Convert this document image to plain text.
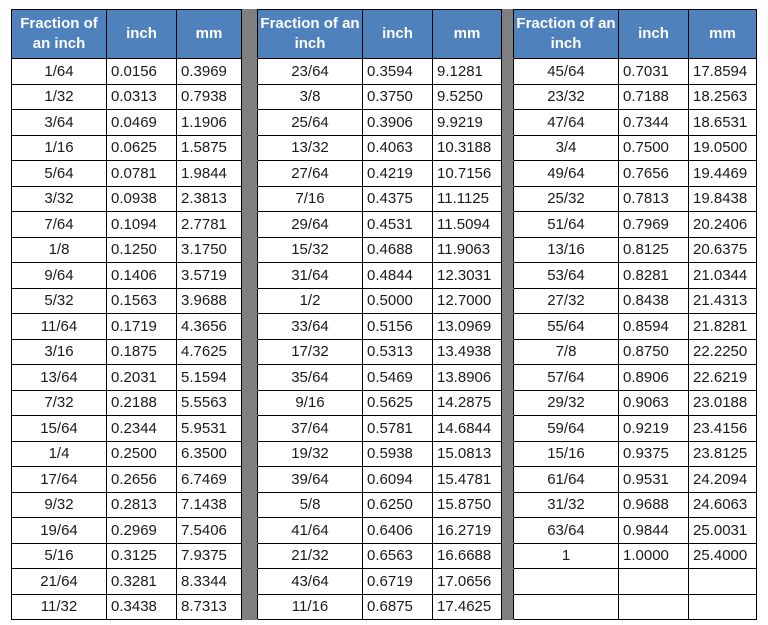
Fraction of an inch	inch	mm		Fraction of an inch	inch	mm		Fraction of an inch	inch	mm
1/64	0.0156	0.3969		23/64	0.3594	9.1281		45/64	0.7031	17.8594
1/32	0.0313	0.7938		3/8	0.3750	9.5250		23/32	0.7188	18.2563
3/64	0.0469	1.1906		25/64	0.3906	9.9219		47/64	0.7344	18.6531
1/16	0.0625	1.5875		13/32	0.4063	10.3188		3/4	0.7500	19.0500
5/64	0.0781	1.9844		27/64	0.4219	10.7156		49/64	0.7656	19.4469
3/32	0.0938	2.3813		7/16	0.4375	11.1125		25/32	0.7813	19.8438
7/64	0.1094	2.7781		29/64	0.4531	11.5094		51/64	0.7969	20.2406
1/8	0.1250	3.1750		15/32	0.4688	11.9063		13/16	0.8125	20.6375
9/64	0.1406	3.5719		31/64	0.4844	12.3031		53/64	0.8281	21.0344
5/32	0.1563	3.9688		1/2	0.5000	12.7000		27/32	0.8438	21.4313
11/64	0.1719	4.3656		33/64	0.5156	13.0969		55/64	0.8594	21.8281
3/16	0.1875	4.7625		17/32	0.5313	13.4938		7/8	0.8750	22.2250
13/64	0.2031	5.1594		35/64	0.5469	13.8906		57/64	0.8906	22.6219
7/32	0.2188	5.5563		9/16	0.5625	14.2875		29/32	0.9063	23.0188
15/64	0.2344	5.9531		37/64	0.5781	14.6844		59/64	0.9219	23.4156
1/4	0.2500	6.3500		19/32	0.5938	15.0813		15/16	0.9375	23.8125
17/64	0.2656	6.7469		39/64	0.6094	15.4781		61/64	0.9531	24.2094
9/32	0.2813	7.1438		5/8	0.6250	15.8750		31/32	0.9688	24.6063
19/64	0.2969	7.5406		41/64	0.6406	16.2719		63/64	0.9844	25.0031
5/16	0.3125	7.9375		21/32	0.6563	16.6688		1	1.0000	25.4000
21/64	0.3281	8.3344		43/64	0.6719	17.0656				
11/32	0.3438	8.7313		11/16	0.6875	17.4625				
